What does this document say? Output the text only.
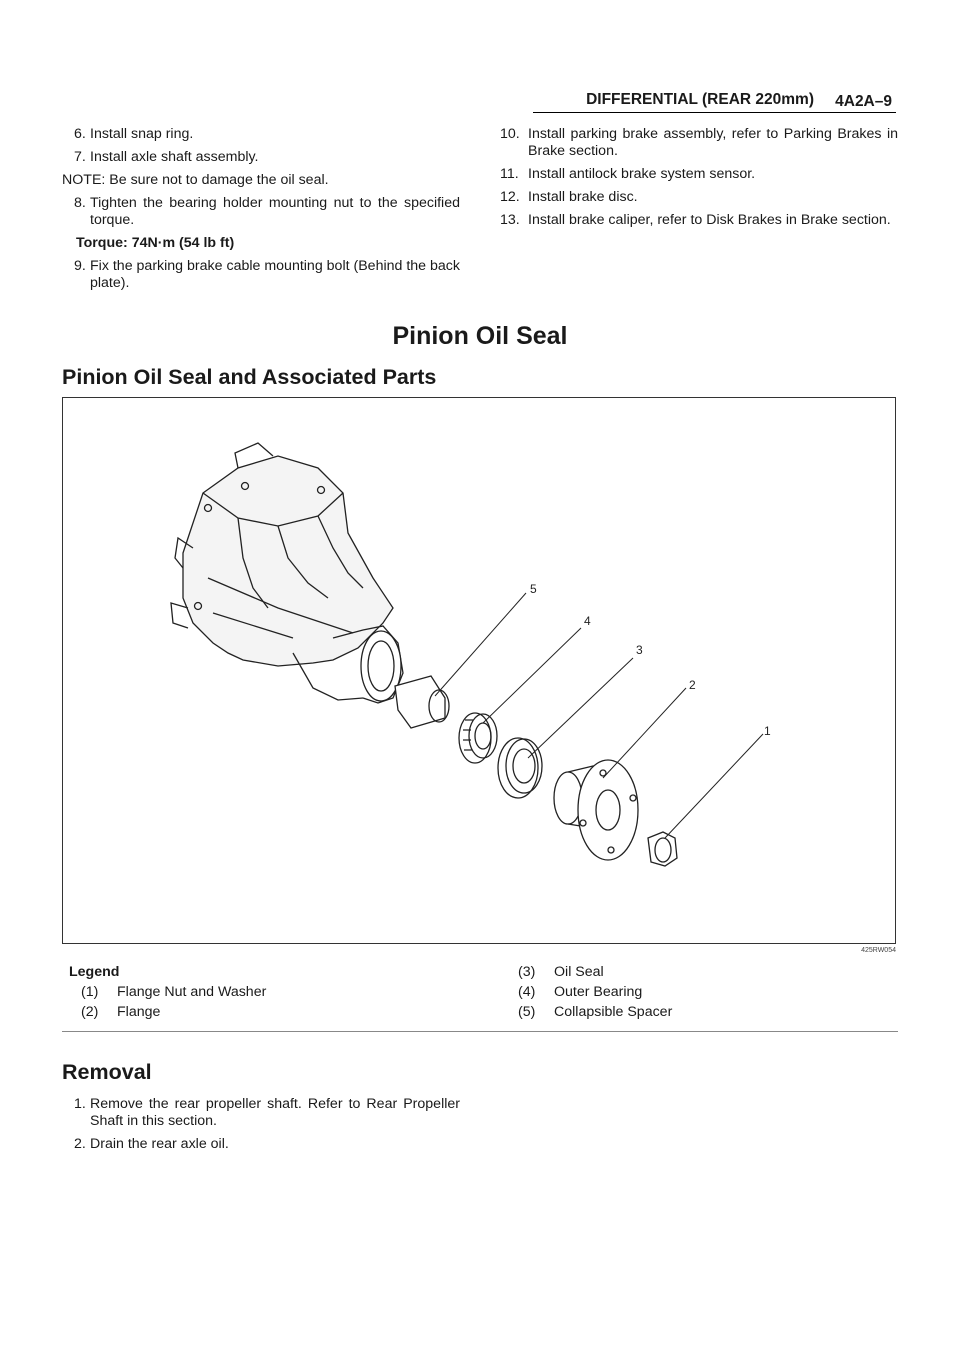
DIFFERENTIAL (REAR 220mm) 4A2A–9

6. Install snap ring.

7. Install axle shaft assembly.

NOTE: Be sure not to damage the oil seal.

8. Tighten the bearing holder mounting nut to the specified torque.

Torque: 74N·m (54 lb ft)

9. Fix the parking brake cable mounting bolt (Behind the back plate).

10. Install parking brake assembly, refer to Parking Brakes in Brake section.

11. Install antilock brake system sensor.

12. Install brake disc.

13. Install brake caliper, refer to Disk Brakes in Brake section.

Pinion Oil Seal
Pinion Oil Seal and Associated Parts
5
4
3
2
1
425RW054
Legend
(1) Flange Nut and Washer
(2) Flange
(3) Oil Seal
(4) Outer Bearing
(5) Collapsible Spacer
Removal

1. Remove the rear propeller shaft. Refer to Rear Propeller Shaft in this section.

2. Drain the rear axle oil.
